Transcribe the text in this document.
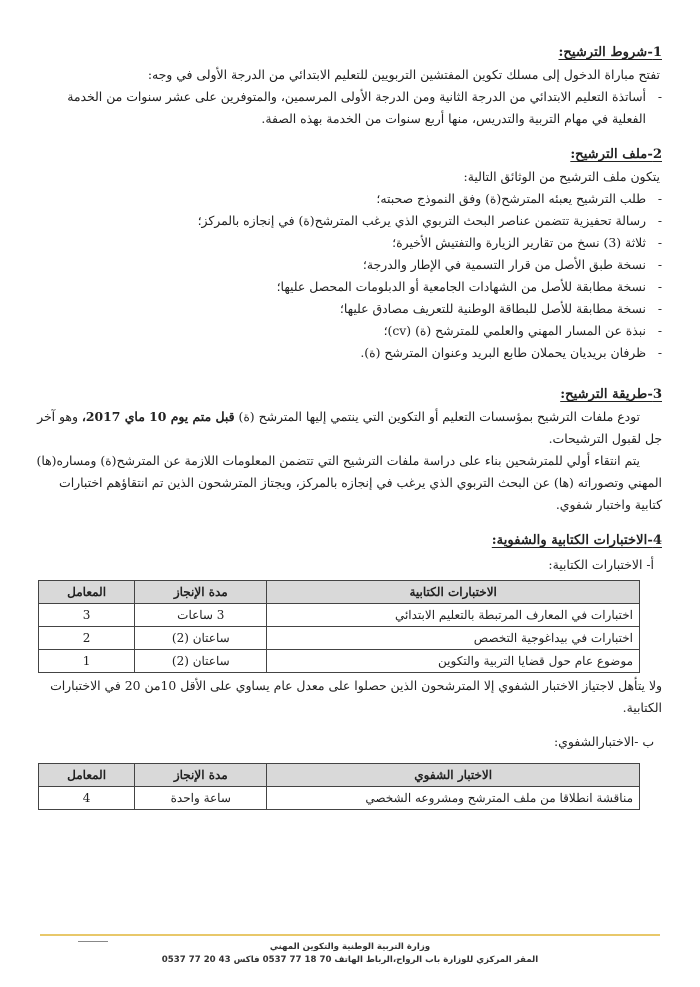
1-شروط الترشيح:

تفتح مباراة الدخول إلى مسلك تكوين المفتشين التربويين للتعليم الابتدائي من الدرجة الأولى في وجه:

-
أساتذة التعليم الابتدائي من الدرجة الثانية ومن الدرجة الأولى المرسمين، والمتوفرين على عشر سنوات من الخدمة الفعلية في مهام التربية والتدريس، منها أربع سنوات من الخدمة بهذه الصفة.
2-ملف الترشيح:

يتكون ملف الترشيح من الوثائق التالية:

-
طلب الترشيح يعبئه المترشح(ة) وفق النموذج صحبته؛
-
رسالة تحفيزية تتضمن عناصر البحث التربوي الذي يرغب المترشح(ة) في إنجازه بالمركز؛
-
ثلاثة (3) نسخ من تقارير الزيارة والتفتيش الأخيرة؛
-
نسخة طبق الأصل من قرار التسمية في الإطار والدرجة؛
-
نسخة مطابقة للأصل من الشهادات الجامعية أو الدبلومات المحصل عليها؛
-
نسخة مطابقة للأصل للبطاقة الوطنية للتعريف مصادق عليها؛
-
نبذة عن المسار المهني والعلمي للمترشح (ة) (cv)؛
-
ظرفان بريديان يحملان طابع البريد وعنوان المترشح (ة).
3-طريقة الترشيح:

تودع ملفات الترشيح بمؤسسات التعليم أو التكوين التي ينتمي إليها المترشح (ة) قبل متم يوم 10 ماي 2017، وهو آخر جل لقبول الترشيحات.

يتم انتقاء أولي للمترشحين بناء على دراسة ملفات الترشيح التي تتضمن المعلومات اللازمة عن المترشح(ة) ومساره(ها) المهني وتصوراته (ها) عن البحث التربوي الذي يرغب في إنجازه بالمركز، ويجتاز المترشحون الذين تم انتقاؤهم اختبارات كتابية واختبار شفوي.

4-الاختبارات الكتابية والشفوية:

أ- الاختبارات الكتابية:

الاختبارات الكتابية	مدة الإنجاز	المعامل
اختبارات في المعارف المرتبطة بالتعليم الابتدائي	3 ساعات	3
اختبارات في بيداغوجية التخصص	ساعتان (2)	2
موضوع عام حول قضايا التربية والتكوين	ساعتان (2)	1

ولا يتأهل لاجتياز الاختبار الشفوي إلا المترشحون الذين حصلوا على معدل عام يساوي على الأقل 10من 20 في الاختبارات الكتابية.

ب -الاختبارالشفوي:

الاختبار الشفوي	مدة الإنجاز	المعامل
مناقشة انطلاقا من ملف المترشح ومشروعه الشخصي	ساعة واحدة	4
وزارة التربية الوطنية والتكوين المهني
المقر المركزي للوزارة باب الرواح،الرباط الهاتف 70 18 77 0537 فاكس 43 20 77 0537
